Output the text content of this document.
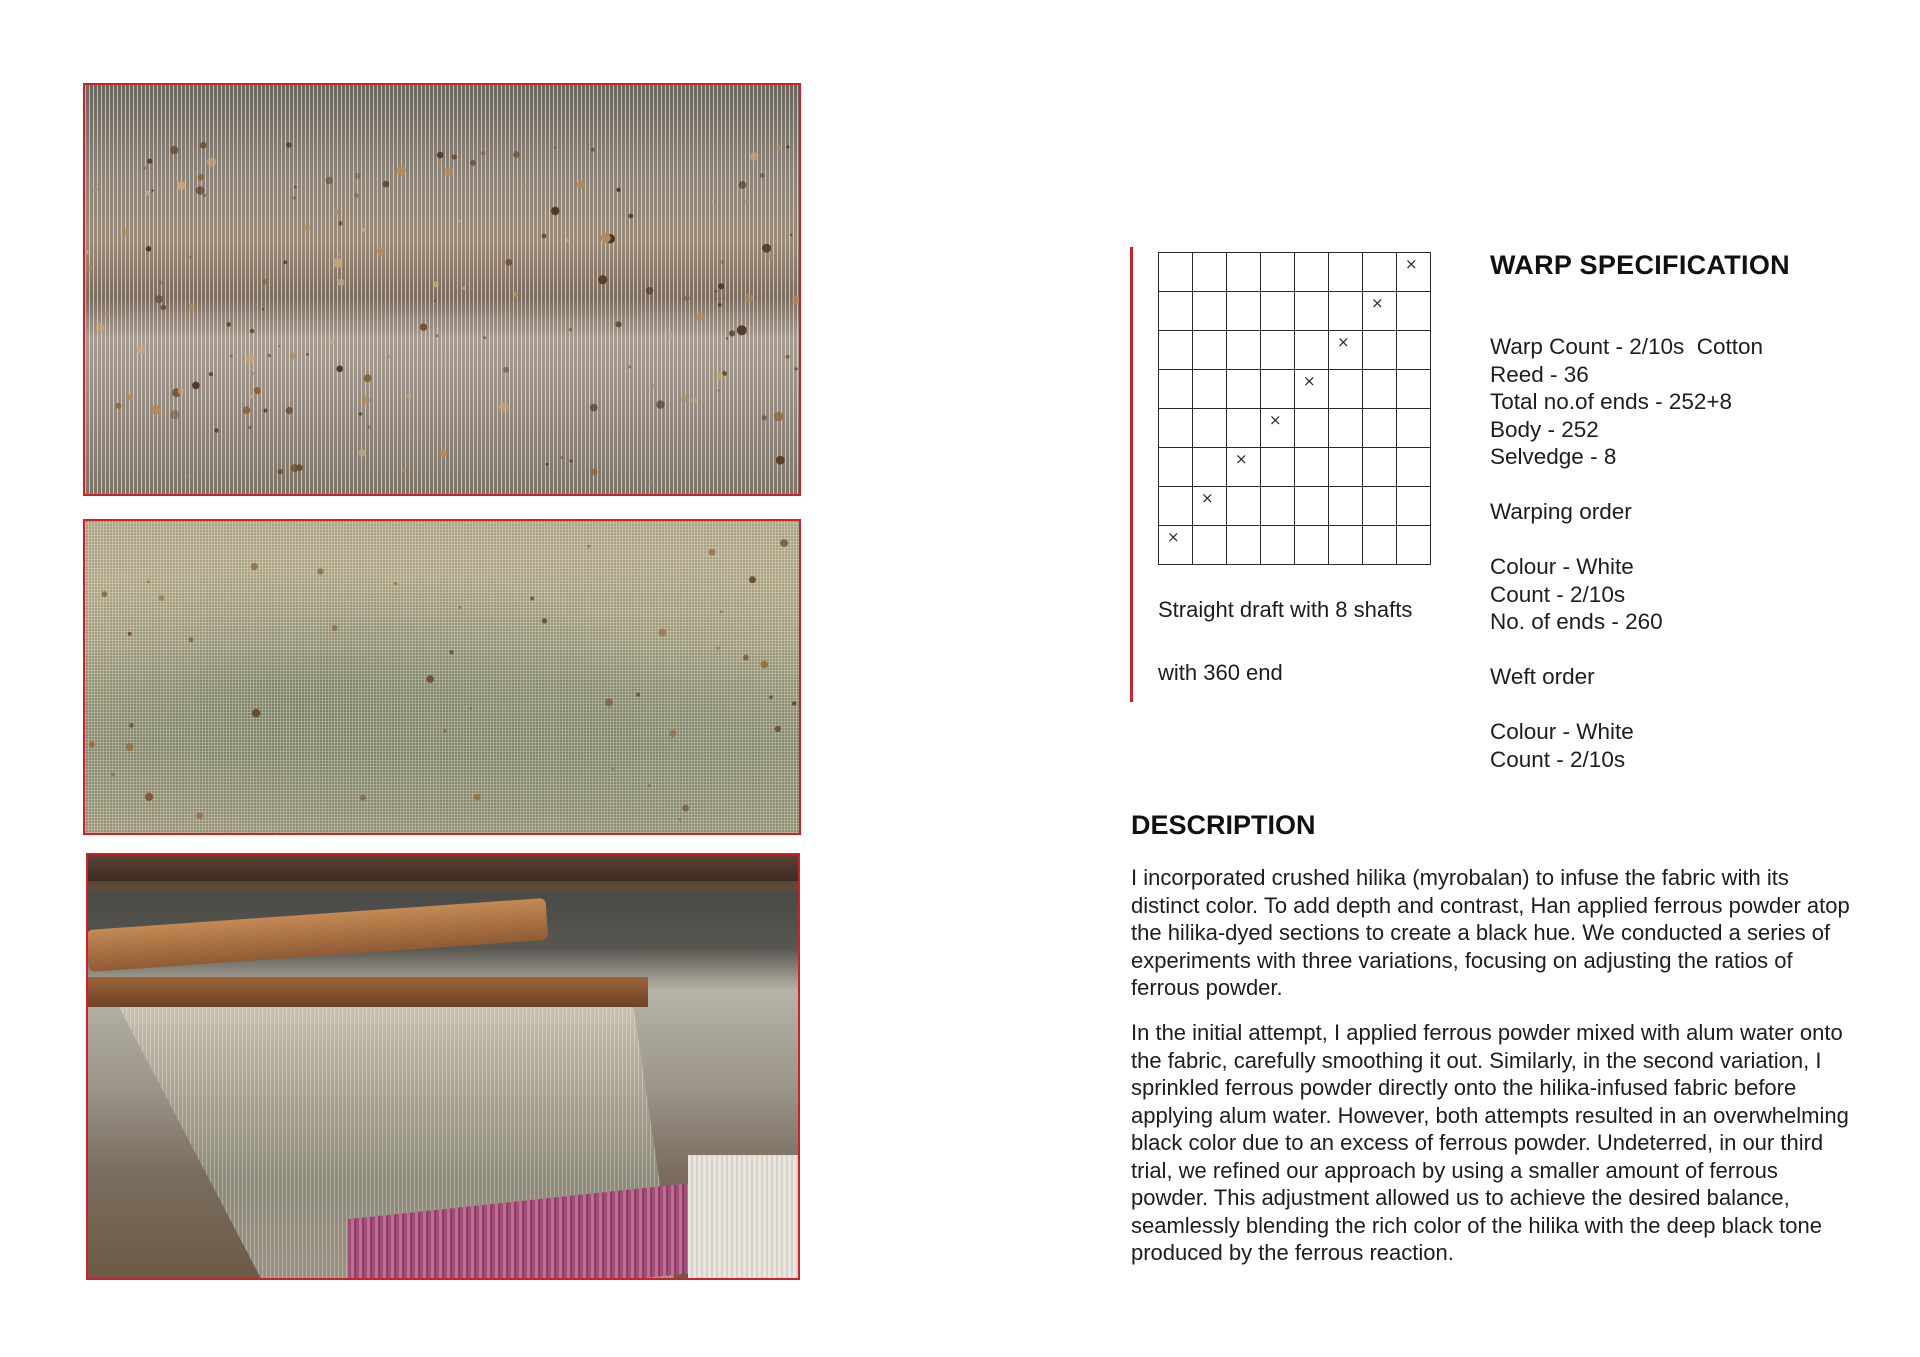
×
×
×
×
×
×
×
×
Straight draft with 8 shafts
with 360 end
WARP SPECIFICATION
Warp Count - 2/10s  Cotton
Reed - 36
Total no.of ends - 252+8
Body - 252
Selvedge - 8
Warping order
Colour - White
Count - 2/10s
No. of ends - 260
Weft order
Colour - White
Count - 2/10s
DESCRIPTION

I incorporated crushed hilika (myrobalan) to infuse the fabric with its distinct color. To add depth and contrast, Han applied ferrous powder atop the hilika-dyed sections to create a black hue. We conducted a series of experiments with three variations, focusing on adjusting the ratios of ferrous powder.

In the initial attempt, I applied ferrous powder mixed with alum water onto the fabric, carefully smoothing it out. Similarly, in the second variation, I sprinkled ferrous powder directly onto the hilika-infused fabric before applying alum water. However, both attempts resulted in an overwhelming black color due to an excess of ferrous powder. Undeterred, in our third trial, we refined our approach by using a smaller amount of ferrous powder. This adjustment allowed us to achieve the desired balance, seamlessly blending the rich color of the hilika with the deep black tone produced by the ferrous reaction.
